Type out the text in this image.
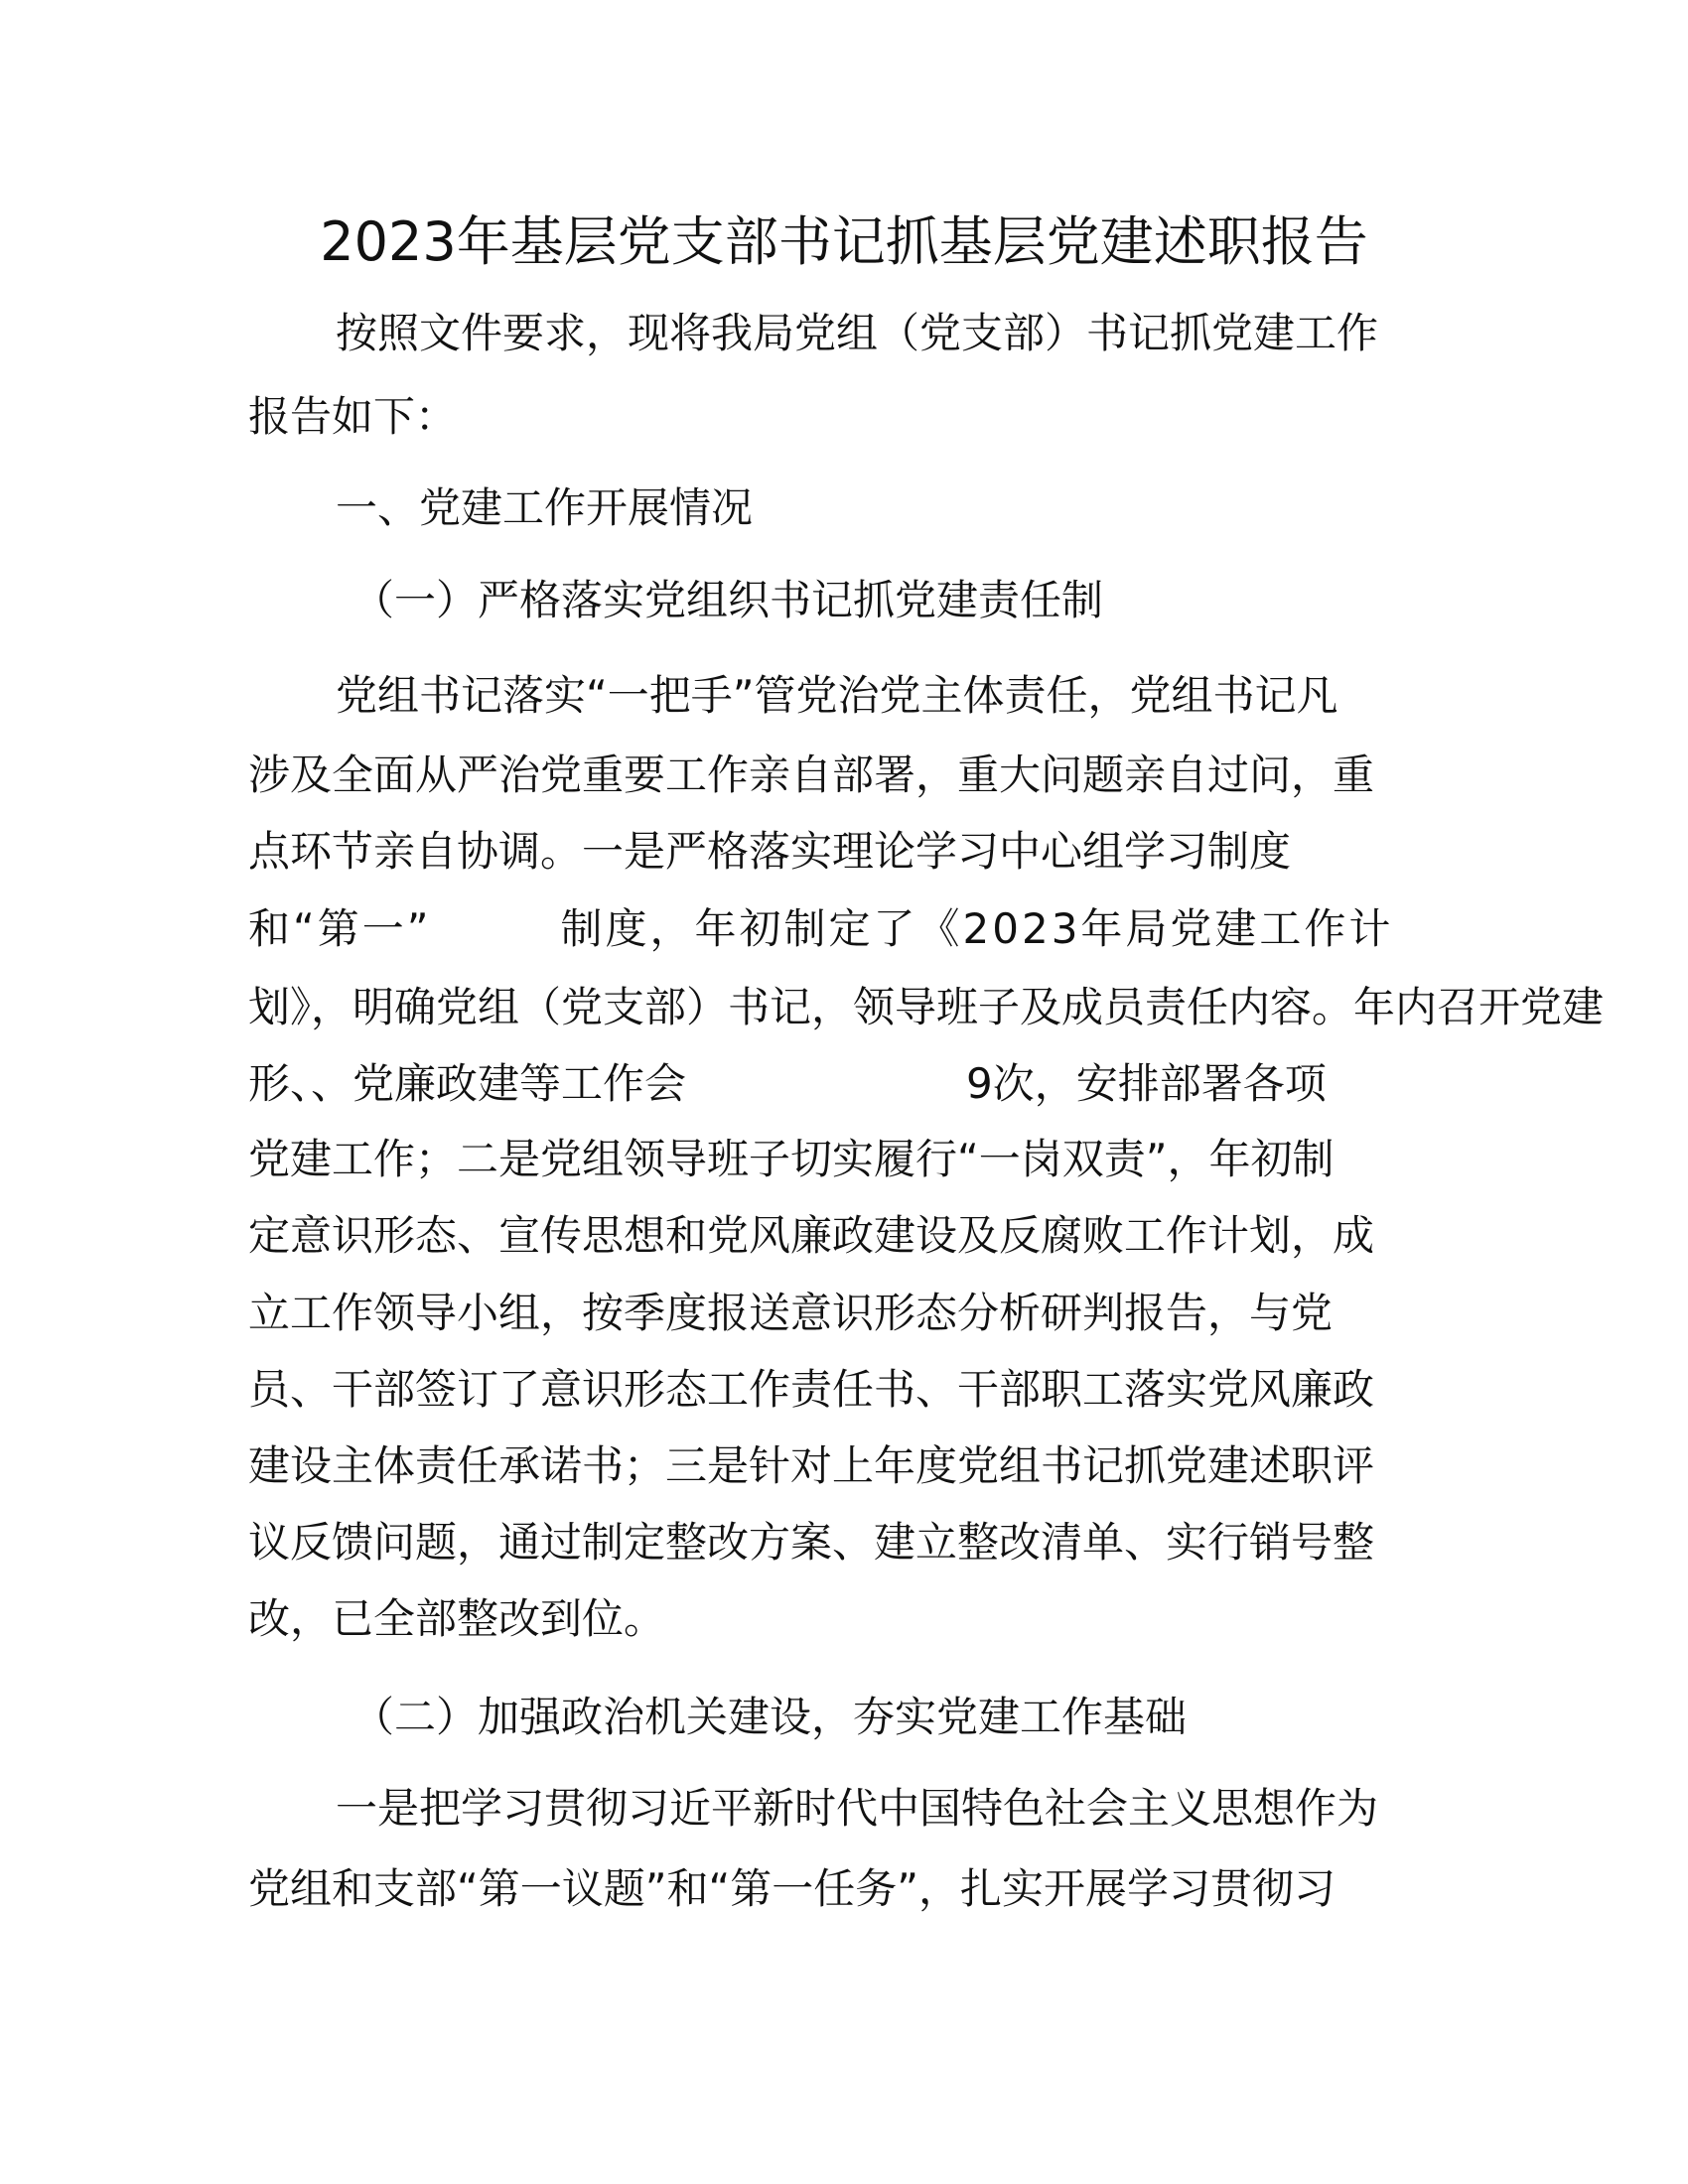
2023年基层党支部书记抓基层党建述职报告
按照文件要求，现将我局党组（党支部）书记抓党建工作
报告如下：
一、党建工作开展情况
（一）严格落实党组织书记抓党建责任制
党组书记落实“一把手”管党治党主体责任，党组书记凡
涉及全面从严治党重要工作亲自部署，重大问题亲自过问，重
点环节亲自协调。一是严格落实理论学习中心组学习制度
和“第一”	制度，年初制定了《2023年局党建工作计
划》，明确党组（党支部）书记，领导班子及成员责任内容。年内召开党建
形、、党廉政建等工作会	9次，安排部署各项
党建工作；二是党组领导班子切实履行“一岗双责”，年初制
定意识形态、宣传思想和党风廉政建设及反腐败工作计划，成
立工作领导小组，按季度报送意识形态分析研判报告，与党
员、干部签订了意识形态工作责任书、干部职工落实党风廉政
建设主体责任承诺书；三是针对上年度党组书记抓党建述职评
议反馈问题，通过制定整改方案、建立整改清单、实行销号整
改，已全部整改到位。
（二）加强政治机关建设，夯实党建工作基础
一是把学习贯彻习近平新时代中国特色社会主义思想作为
党组和支部“第一议题”和“第一任务”，扎实开展学习贯彻习
